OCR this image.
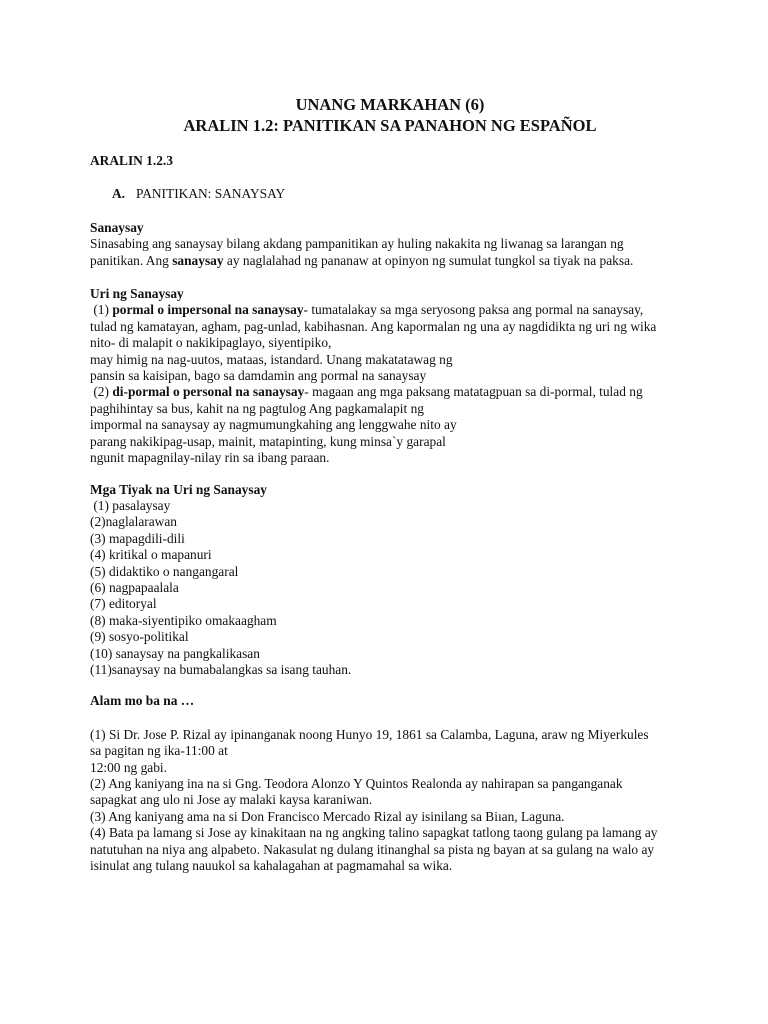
UNANG MARKAHAN (6)

ARALIN 1.2: PANITIKAN SA PANAHON NG ESPAÑOL

ARALIN 1.2.3
A. PANITIKAN: SANAYSAY
Sanaysay
Sinasabing ang sanaysay bilang akdang pampanitikan ay huling nakakita ng liwanag sa larangan ng
panitikan. Ang sanaysay ay naglalahad ng pananaw at opinyon ng sumulat tungkol sa tiyak na paksa.
Uri ng Sanaysay
(1) pormal o impersonal na sanaysay- tumatalakay sa mga seryosong paksa ang pormal na sanaysay,
tulad ng kamatayan, agham, pag-unlad, kabihasnan. Ang kapormalan ng una ay nagdidikta ng uri ng wika
nito- di malapit o nakikipaglayo, siyentipiko,
may himig na nag-uutos, mataas, istandard. Unang makatatawag ng
pansin sa kaisipan, bago sa damdamin ang pormal na sanaysay
(2) di-pormal o personal na sanaysay- magaan ang mga paksang matatagpuan sa di-pormal, tulad ng
paghihintay sa bus, kahit na ng pagtulog Ang pagkamalapit ng
impormal na sanaysay ay nagmumungkahing ang lenggwahe nito ay
parang nakikipag-usap, mainit, matapinting, kung minsa`y garapal
ngunit mapagnilay-nilay rin sa ibang paraan.
Mga Tiyak na Uri ng Sanaysay
(1) pasalaysay
(2)naglalarawan
(3) mapagdili-dili
(4) kritikal o mapanuri
(5) didaktiko o nangangaral
(6) nagpapaalala
(7) editoryal
(8) maka-siyentipiko omakaagham
(9) sosyo-politikal
(10) sanaysay na pangkalikasan
(11)sanaysay na bumabalangkas sa isang tauhan.
Alam mo ba na …
(1) Si Dr. Jose P. Rizal ay ipinanganak noong Hunyo 19, 1861 sa Calamba, Laguna, araw ng Miyerkules
sa pagitan ng ika-11:00 at
12:00 ng gabi.
(2) Ang kaniyang ina na si Gng. Teodora Alonzo Y Quintos Realonda ay nahirapan sa panganganak
sapagkat ang ulo ni Jose ay malaki kaysa karaniwan.
(3) Ang kaniyang ama na si Don Francisco Mercado Rizal ay isinilang sa Biıan, Laguna.
(4) Bata pa lamang si Jose ay kinakitaan na ng angking talino sapagkat tatlong taong gulang pa lamang ay
natutuhan na niya ang alpabeto. Nakasulat ng dulang itinanghal sa pista ng bayan at sa gulang na walo ay
isinulat ang tulang nauukol sa kahalagahan at pagmamahal sa wika.
